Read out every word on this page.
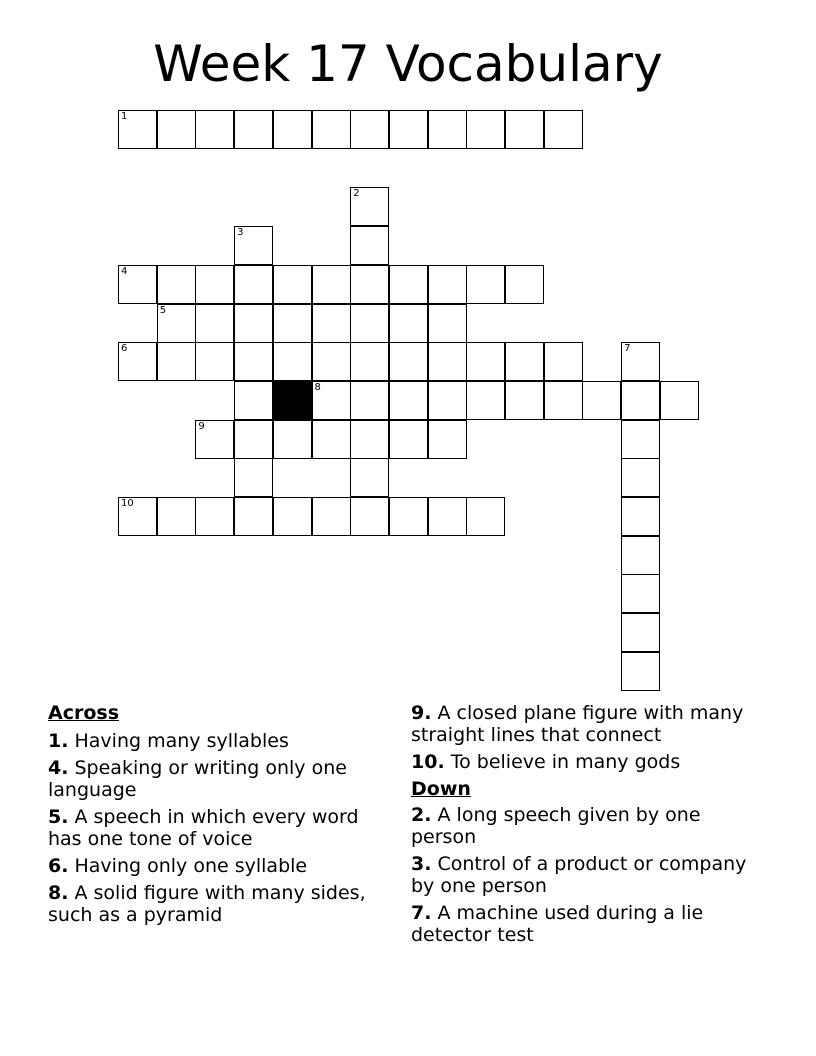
Week 17 Vocabulary
1
2
3
4
5
6	7
8
9
10
Across
1. Having many syllables
4. Speaking or writing only one language
5. A speech in which every word has one tone of voice
6. Having only one syllable
8. A solid figure with many sides, such as a pyramid
9. A closed plane figure with many straight lines that connect
10. To believe in many gods
Down
2. A long speech given by one person
3. Control of a product or company by one person
7. A machine used during a lie detector test
